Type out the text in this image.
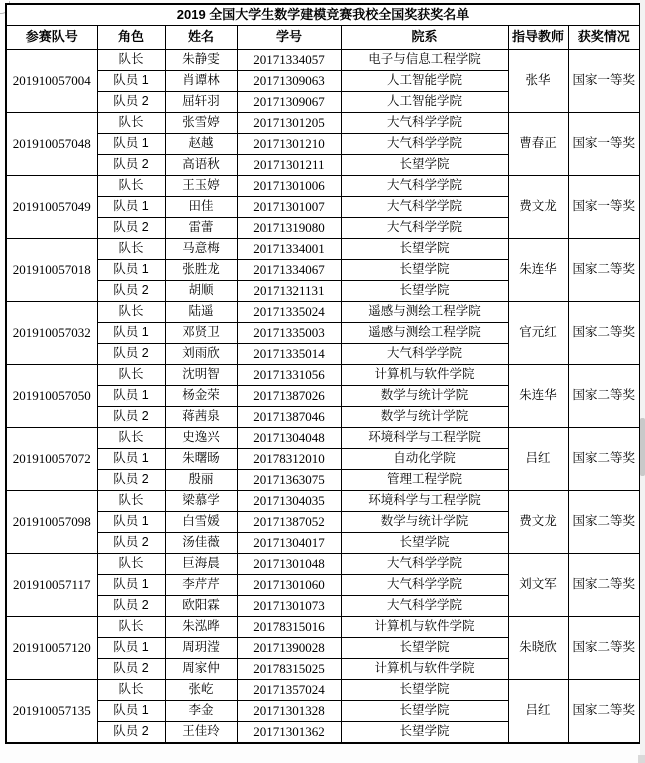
2019 全国大学生数学建模竞赛我校全国奖获奖名单						
参赛队号	角色	姓名	学号	院系	指导教师	获奖情况
201910057004	队长	朱静雯	20171334057	电子与信息工程学院	张华	国家一等奖
	队员 1	肖谭林	20171309063	人工智能学院		
	队员 2	屈轩羽	20171309067	人工智能学院		
201910057048	队长	张雪婷	20171301205	大气科学学院	曹春正	国家一等奖
	队员 1	赵越	20171301210	大气科学学院		
	队员 2	高语秋	20171301211	长望学院		
201910057049	队长	王玉婷	20171301006	大气科学学院	费文龙	国家一等奖
	队员 1	田佳	20171301007	大气科学学院		
	队员 2	雷蕾	20171319080	大气科学学院		
201910057018	队长	马意梅	20171334001	长望学院	朱连华	国家二等奖
	队员 1	张胜龙	20171334067	长望学院		
	队员 2	胡顺	20171321131	长望学院		
201910057032	队长	陆遥	20171335024	遥感与测绘工程学院	官元红	国家二等奖
	队员 1	邓贤卫	20171335003	遥感与测绘工程学院		
	队员 2	刘雨欣	20171335014	大气科学学院		
201910057050	队长	沈明智	20171331056	计算机与软件学院	朱连华	国家二等奖
	队员 1	杨金荣	20171387026	数学与统计学院		
	队员 2	蒋茜泉	20171387046	数学与统计学院		
201910057072	队长	史逸兴	20171304048	环境科学与工程学院	吕红	国家二等奖
	队员 1	朱曙旸	20178312010	自动化学院		
	队员 2	殷丽	20171363075	管理工程学院		
201910057098	队长	梁慕学	20171304035	环境科学与工程学院	费文龙	国家二等奖
	队员 1	白雪媛	20171387052	数学与统计学院		
	队员 2	汤佳薇	20171304017	长望学院		
201910057117	队长	巨海晨	20171301048	大气科学学院	刘文军	国家二等奖
	队员 1	李芹芹	20171301060	大气科学学院		
	队员 2	欧阳霖	20171301073	大气科学学院		
201910057120	队长	朱泓晔	20178315016	计算机与软件学院	朱晓欣	国家二等奖
	队员 1	周玥滢	20171390028	长望学院		
	队员 2	周家仲	20178315025	计算机与软件学院		
201910057135	队长	张屹	20171357024	长望学院	吕红	国家二等奖
	队员 1	李金	20171301328	长望学院		
	队员 2	王佳玲	20171301362	长望学院		
